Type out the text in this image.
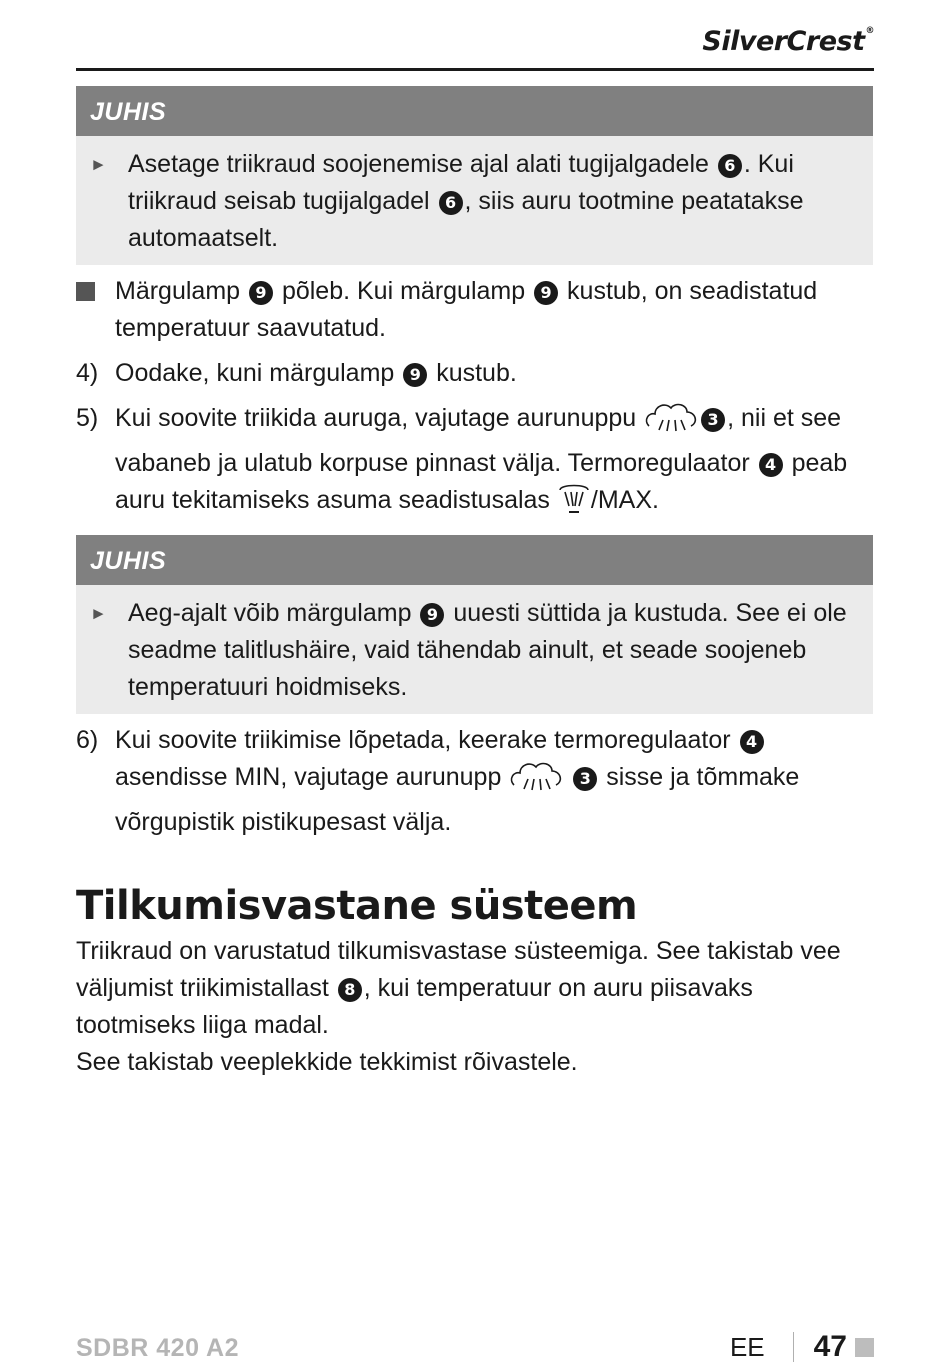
SilverCrest®
JUHIS
► Asetage triikraud soojenemise ajal alati tugijalgadele 6 . Kui triikraud seisab tugijalgadel 6 , siis auru tootmine peatatakse automaatselt.
Märgulamp 9 põleb. Kui märgulamp 9 kustub, on seadistatud temperatuur saavutatud.
4) Oodake, kuni märgulamp 9 kustub.
5) Kui soovite triikida auruga, vajutage aurunuppu	3 , nii et see vabaneb ja ulatub korpuse pinnast välja. Termoregulaator 4 peab auru tekitamiseks asuma seadistusalas /MAX.
JUHIS
► Aeg-ajalt võib märgulamp 9 uuesti süttida ja kustuda. See ei ole seadme talitlushäire, vaid tähendab ainult, et seade soojeneb temperatuuri hoidmiseks.
6) Kui soovite triikimise lõpetada, keerake termoregulaator 4 asendisse MIN, vajutage aurunupp	3 sisse ja tõmmake võrgupistik pistikupesast välja.
Tilkumisvastane süsteem

Triikraud on varustatud tilkumisvastase süsteemiga. See takistab vee väljumist triikimistallast 8 , kui temperatuur on auru piisavaks tootmiseks liiga madal.

See takistab veeplekkide tekkimist rõivastele.

SDBR 420 A2	EE 47
